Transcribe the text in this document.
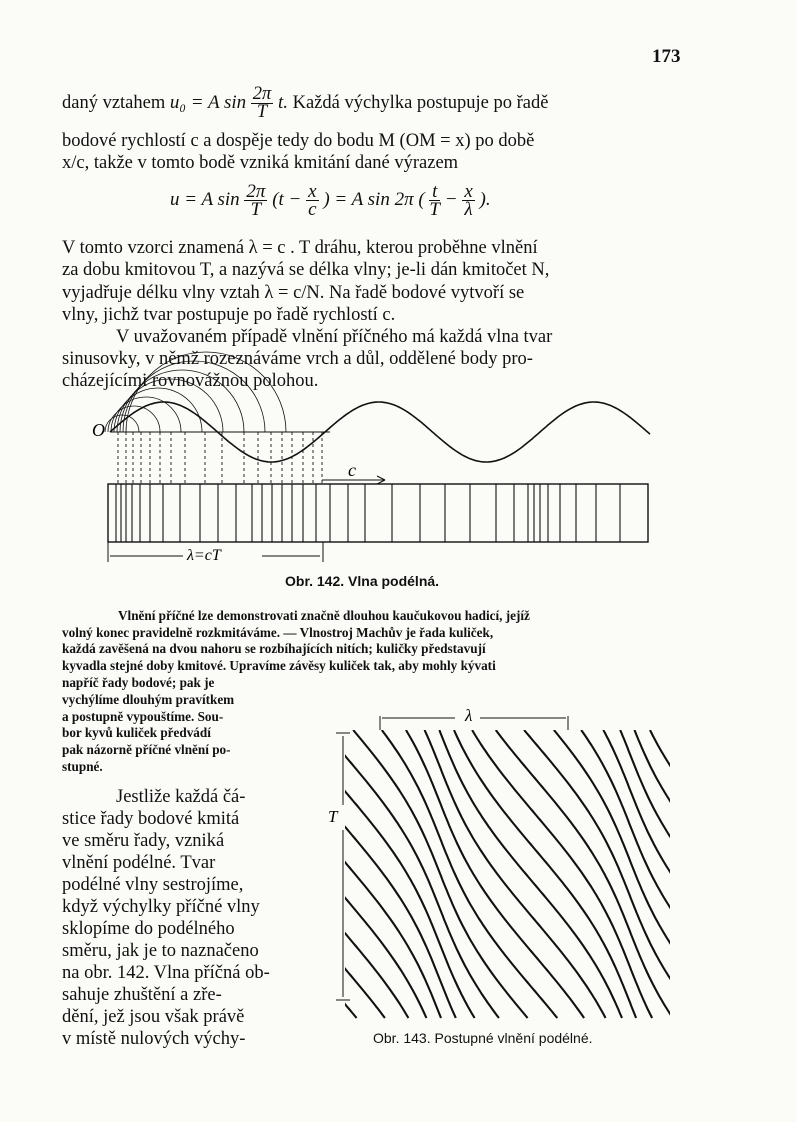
173
daný vztahem u₀ = A $\sin \frac{2\pi}{T} t$. Každá výchylka postupuje po řadě
bodové rychlostí c a dospěje tedy do bodu M (OM = x) po době
x/c, takže v tomto bodě vzniká kmitání dané výrazem
u = A $\sin \frac{2\pi}{T} (t - \frac{x}{c}$ ) = A sin 2π ( $\frac{t}{T} - \frac{x}{\lambda}$ ).
V tomto vzorci znamená λ = c . T dráhu, kterou proběhne vlnění
za dobu kmitovou T, a nazývá se délka vlny; je-li dán kmitočet N,
vyjadřuje délku vlny vztah λ = c/N. Na řadě bodové vytvoří se
vlny, jichž tvar postupuje po řadě rychlostí c.
V uvažovaném případě vlnění příčného má každá vlna tvar
sinusovky, v němž rozeznáváme vrch a důl, oddělené body pro-
cházejícími rovnovážnou polohou.
O
c
λ=cT
Obr. 142. Vlna podélná.
Vlnění příčné lze demonstrovati značně dlouhou kaučukovou hadicí, jejíž
volný konec pravidelně rozkmitáváme. — Vlnostroj Machův je řada kuliček,
každá zavěšená na dvou nahoru se rozbíhajících nitích; kuličky představují
kyvadla stejné doby kmitové. Upravíme závěsy kuliček tak, aby mohly kývati
napříč řady bodové; pak je
vychýlíme dlouhým pravítkem
a postupně vypouštíme. Sou-
bor kyvů kuliček předvádí
pak názorně příčné vlnění po-
stupné.
Jestliže každá čá-
stice řady bodové kmitá
ve směru řady, vzniká
vlnění podélné. Tvar
podélné vlny sestrojíme,
když výchylky příčné vlny
sklopíme do podélného
směru, jak je to naznačeno
na obr. 142. Vlna příčná ob-
sahuje zhuštění a zře-
dění, jež jsou však právě
v místě nulových výchy-
λ
T
Obr. 143. Postupné vlnění podélné.
